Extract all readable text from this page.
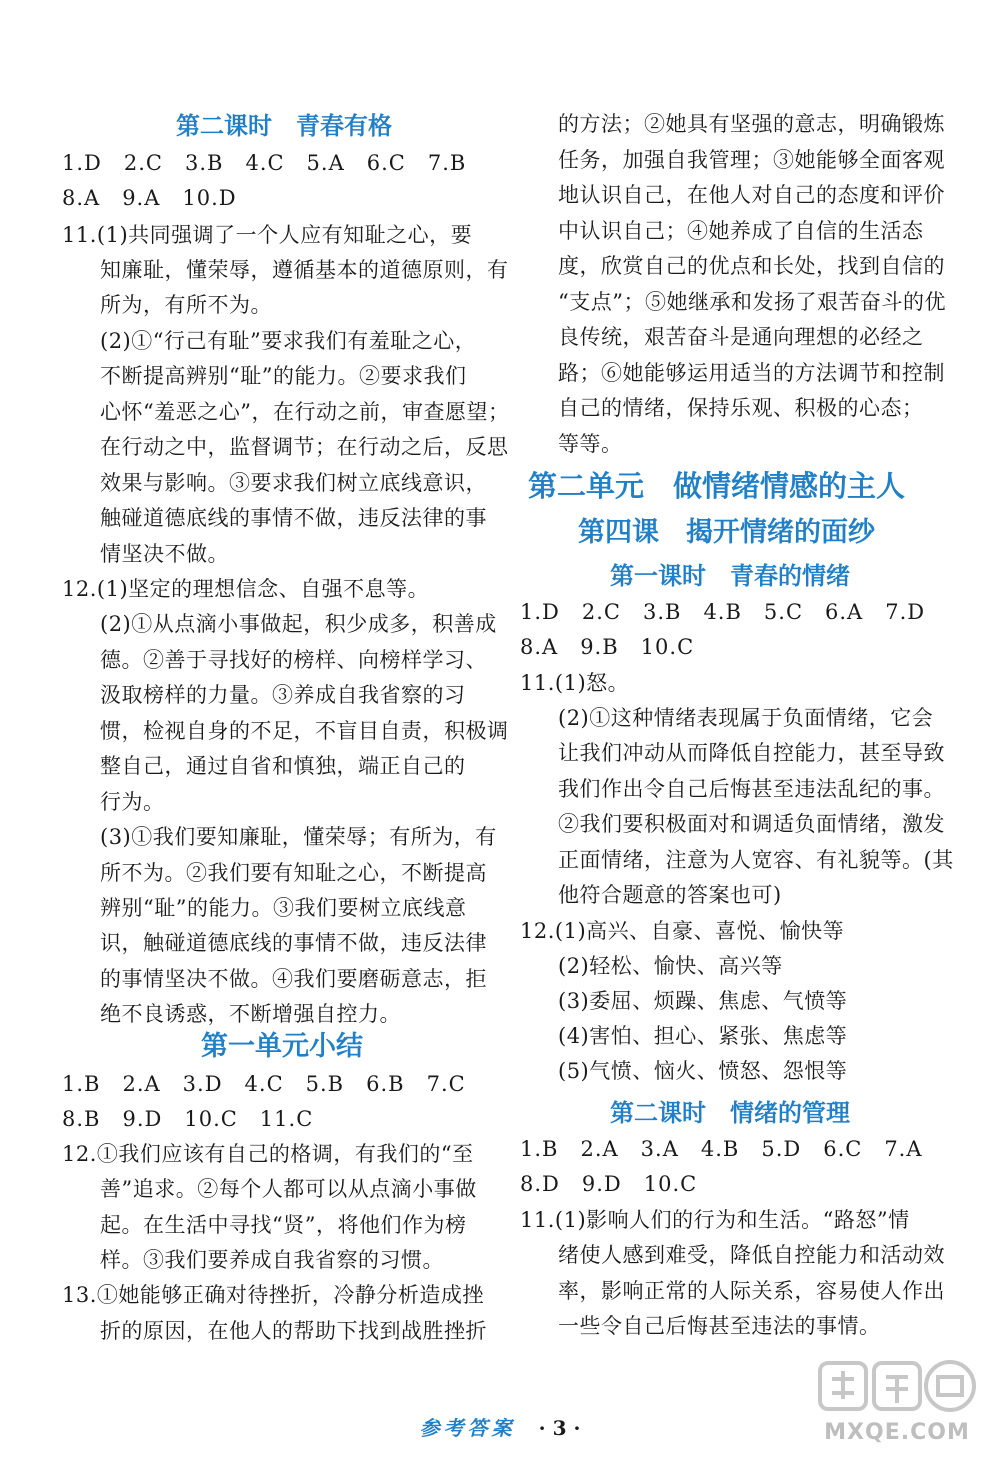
第二课时　青春有格
1.D　2.C　3.B　4.C　5.A　6.C　7.B
8.A　9.A　10.D
11.(1)共同强调了一个人应有知耻之心，要
知廉耻，懂荣辱，遵循基本的道德原则，有
所为，有所不为。
(2)①“行己有耻”要求我们有羞耻之心，
不断提高辨别“耻”的能力。②要求我们
心怀“羞恶之心”，在行动之前，审查愿望；
在行动之中，监督调节；在行动之后，反思
效果与影响。③要求我们树立底线意识，
触碰道德底线的事情不做，违反法律的事
情坚决不做。
12.(1)坚定的理想信念、自强不息等。
(2)①从点滴小事做起，积少成多，积善成
德。②善于寻找好的榜样、向榜样学习、
汲取榜样的力量。③养成自我省察的习
惯，检视自身的不足，不盲目自责，积极调
整自己，通过自省和慎独，端正自己的
行为。
(3)①我们要知廉耻，懂荣辱；有所为，有
所不为。②我们要有知耻之心，不断提高
辨别“耻”的能力。③我们要树立底线意
识，触碰道德底线的事情不做，违反法律
的事情坚决不做。④我们要磨砺意志，拒
绝不良诱惑，不断增强自控力。
第一单元小结
1.B　2.A　3.D　4.C　5.B　6.B　7.C
8.B　9.D　10.C　11.C
12.①我们应该有自己的格调，有我们的“至
善”追求。②每个人都可以从点滴小事做
起。在生活中寻找“贤”，将他们作为榜
样。③我们要养成自我省察的习惯。
13.①她能够正确对待挫折，冷静分析造成挫
折的原因，在他人的帮助下找到战胜挫折
的方法；②她具有坚强的意志，明确锻炼
任务，加强自我管理；③她能够全面客观
地认识自己，在他人对自己的态度和评价
中认识自己；④她养成了自信的生活态
度，欣赏自己的优点和长处，找到自信的
“支点”；⑤她继承和发扬了艰苦奋斗的优
良传统，艰苦奋斗是通向理想的必经之
路；⑥她能够运用适当的方法调节和控制
自己的情绪，保持乐观、积极的心态；
等等。
第二单元　做情绪情感的主人
第四课　揭开情绪的面纱
第一课时　青春的情绪
1.D　2.C　3.B　4.B　5.C　6.A　7.D
8.A　9.B　10.C
11.(1)怒。
(2)①这种情绪表现属于负面情绪，它会
让我们冲动从而降低自控能力，甚至导致
我们作出令自己后悔甚至违法乱纪的事。
②我们要积极面对和调适负面情绪，激发
正面情绪，注意为人宽容、有礼貌等。(其
他符合题意的答案也可)
12.(1)高兴、自豪、喜悦、愉快等
(2)轻松、愉快、高兴等
(3)委屈、烦躁、焦虑、气愤等
(4)害怕、担心、紧张、焦虑等
(5)气愤、恼火、愤怒、怨恨等
第二课时　情绪的管理
1.B　2.A　3.A　4.B　5.D　6.C　7.A
8.D　9.D　10.C
11.(1)影响人们的行为和生活。“路怒”情
绪使人感到难受，降低自控能力和活动效
率，影响正常的人际关系，容易使人作出
一些令自己后悔甚至违法的事情。
参考答案 · 3 ·	MXQE.COM
